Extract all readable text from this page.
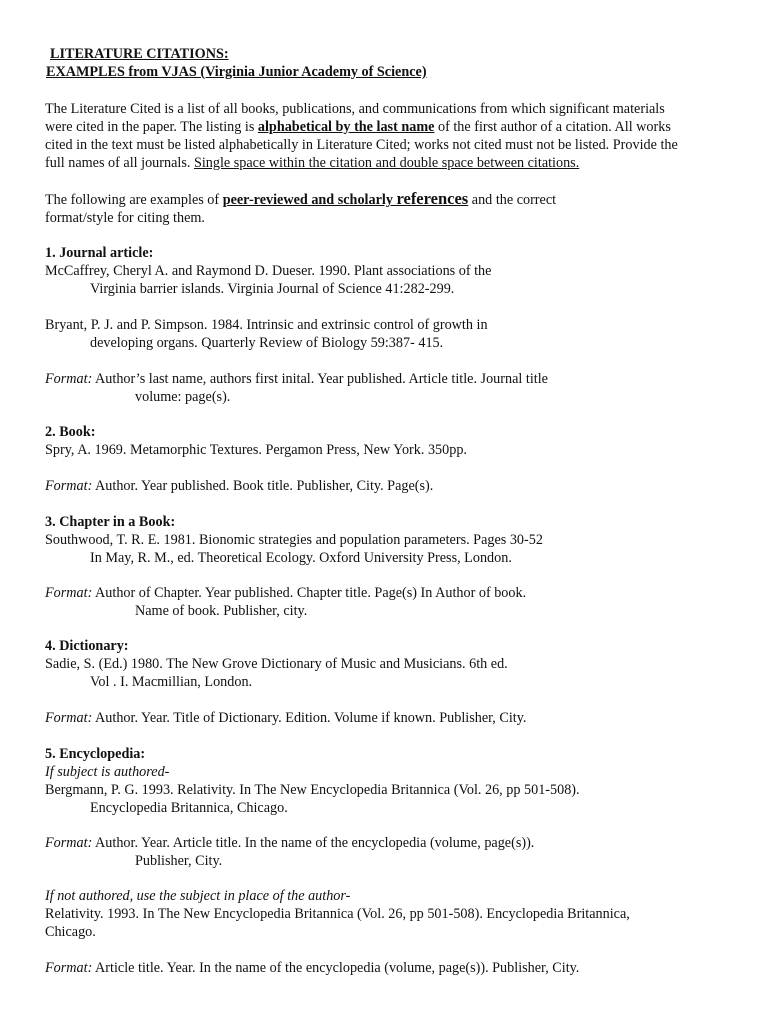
LITERATURE CITATIONS:
EXAMPLES from VJAS (Virginia Junior Academy of Science)
The Literature Cited is a list of all books, publications, and communications from which significant materials
were cited in the paper. The listing is alphabetical by the last name of the first author of a citation. All works
cited in the text must be listed alphabetically in Literature Cited; works not cited must not be listed. Provide the
full names of all journals. Single space within the citation and double space between citations.
The following are examples of peer-reviewed and scholarly references and the correct
format/style for citing them.
1. Journal article:
McCaffrey, Cheryl A. and Raymond D. Dueser. 1990. Plant associations of the
Virginia barrier islands. Virginia Journal of Science 41:282-299.
Bryant, P. J. and P. Simpson. 1984. Intrinsic and extrinsic control of growth in
developing organs. Quarterly Review of Biology 59:387- 415.
Format: Author’s last name, authors first inital. Year published. Article title. Journal title
volume: page(s).
2. Book:
Spry, A. 1969. Metamorphic Textures. Pergamon Press, New York. 350pp.
Format: Author. Year published. Book title. Publisher, City. Page(s).
3. Chapter in a Book:
Southwood, T. R. E. 1981. Bionomic strategies and population parameters. Pages 30-52
In May, R. M., ed. Theoretical Ecology. Oxford University Press, London.
Format: Author of Chapter. Year published. Chapter title. Page(s) In Author of book.
Name of book. Publisher, city.
4. Dictionary:
Sadie, S. (Ed.) 1980. The New Grove Dictionary of Music and Musicians. 6th ed.
Vol . I. Macmillian, London.
Format: Author. Year. Title of Dictionary. Edition. Volume if known. Publisher, City.
5. Encyclopedia:
If subject is authored-
Bergmann, P. G. 1993. Relativity. In The New Encyclopedia Britannica (Vol. 26, pp 501-508).
Encyclopedia Britannica, Chicago.
Format: Author. Year. Article title. In the name of the encyclopedia (volume, page(s)).
Publisher, City.
If not authored, use the subject in place of the author-
Relativity. 1993. In The New Encyclopedia Britannica (Vol. 26, pp 501-508). Encyclopedia Britannica,
Chicago.
Format: Article title. Year. In the name of the encyclopedia (volume, page(s)). Publisher, City.
